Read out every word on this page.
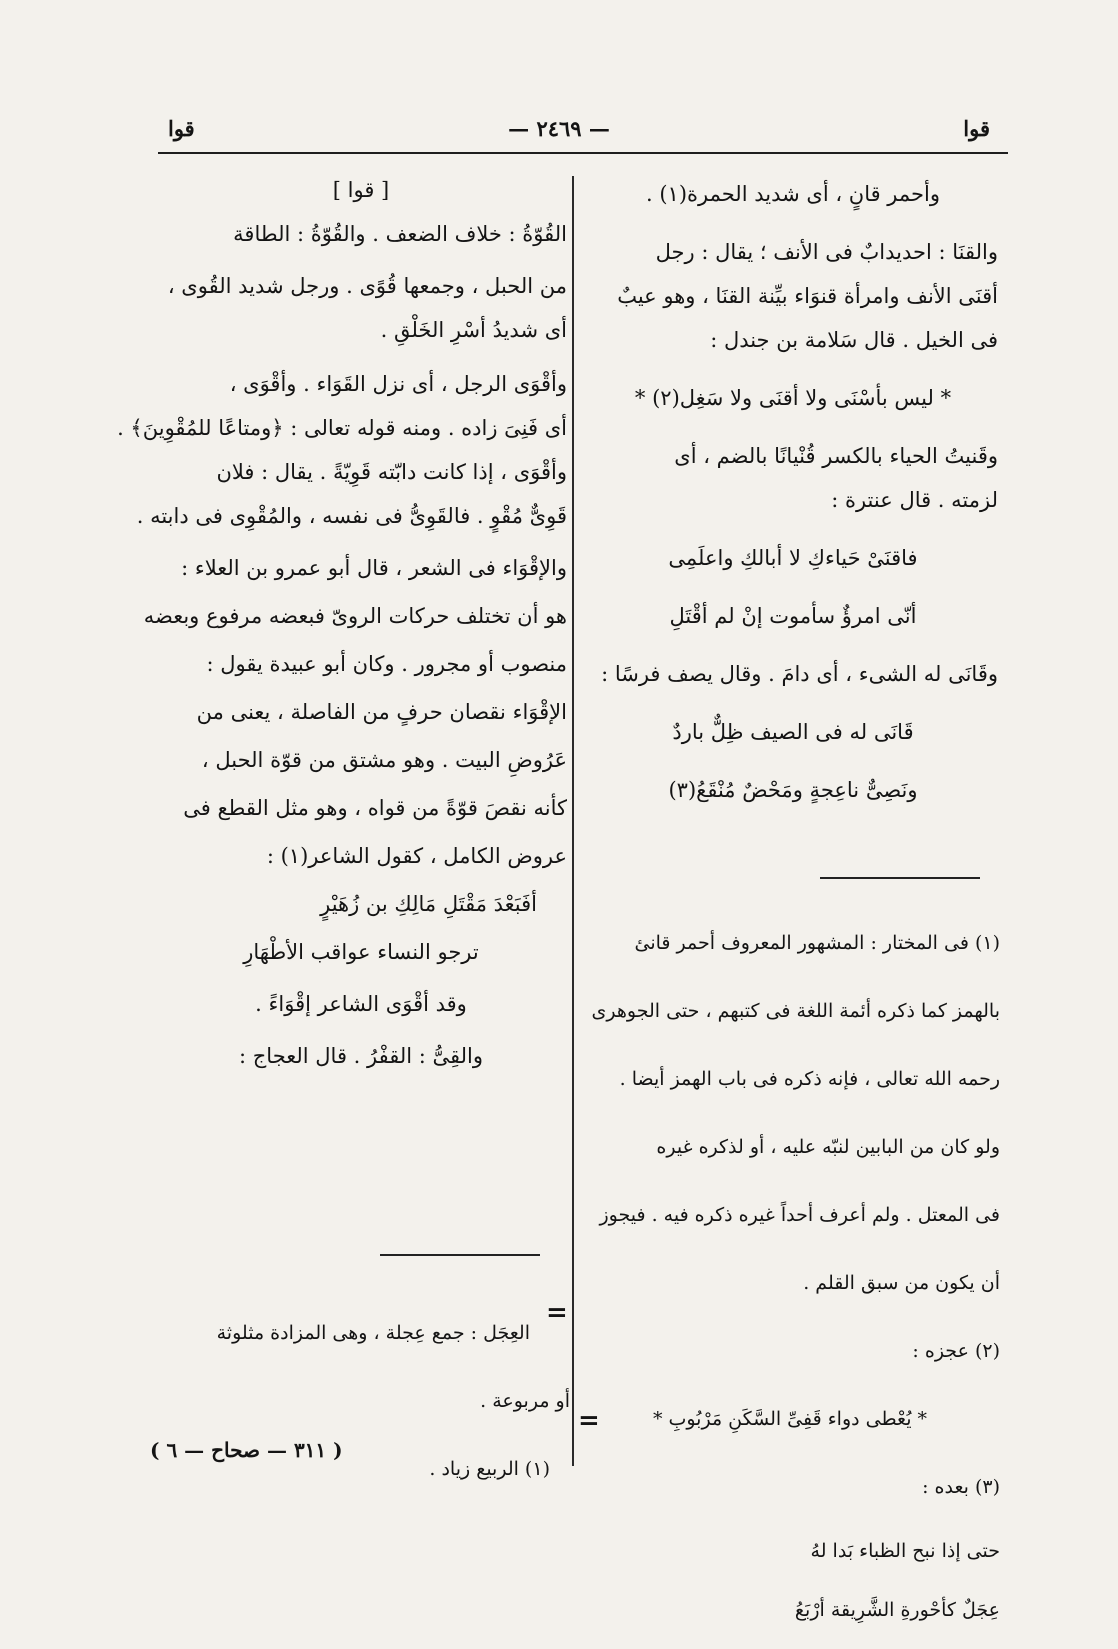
قوا
— ٢٤٦٩ —
قوا

وأحمر قانٍ ، أى شديد الحمرة(١) .

والقنَا : احديدابٌ فى الأنف ؛ يقال : رجل

أقنَى الأنف وامرأة قنوَاء بيِّنة القنَا ، وهو عيبٌ

فى الخيل . قال سَلامة بن جندل :

* ليس بأسْنَى ولا أقنَى ولا سَغِل(٢) *

وقَنيتُ الحياء بالكسر قُنْيانًا بالضم ، أى

لزمته . قال عنترة :

فاقنَىْ حَياءكِ لا أبالكِ واعلَمِى

أنّى امرؤٌ سأموت إنْ لم أقْتَلِ

وقَانَى له الشىء ، أى دامَ . وقال يصف فرسًا :

قَانَى له فى الصيف ظِلٌّ باردٌ

ونَصِىٌّ ناعِجةٍ ومَحْضٌ مُنْقَعُ(٣)

(١) فى المختار : المشهور المعروف أحمر قانئ

بالهمز كما ذكره أئمة اللغة فى كتبهم ، حتى الجوهرى

رحمه الله تعالى ، فإنه ذكره فى باب الهمز أيضا .

ولو كان من البابين لنبّه عليه ، أو لذكره غيره

فى المعتل . ولم أعرف أحداً غيره ذكره فيه . فيجوز

أن يكون من سبق القلم .

(٢) عجزه :

* يُعْطى دواء قَفِىِّ السَّكَنِ مَرْبُوبِ *

(٣) بعده :

حتى إذا نبح الظباء بَدا لهُ

عِجَلٌ كأحْورةِ الشَّرِيقة أرْبَعُ

[ قوا ]

القُوّةُ : خلاف الضعف . والقُوّةُ : الطاقة

من الحبل ، وجمعها قُوًى . ورجل شديد القُوى ،

أى شديدُ أسْرِ الخَلْقِ .

وأقْوَى الرجل ، أى نزل القَوَاء . وأقْوَى ،

أى فَنِىَ زاده . ومنه قوله تعالى : ﴿ومتاعًا للمُقْوِينَ﴾ .

وأقْوَى ، إذا كانت دابّته قَوِيّةً . يقال : فلان

قَوِىٌّ مُقْوٍ . فالقَوِىُّ فى نفسه ، والمُقْوِى فى دابته .

والإقْوَاء فى الشعر ، قال أبو عمرو بن العلاء :

هو أن تختلف حركات الروىّ فبعضه مرفوع وبعضه

منصوب أو مجرور . وكان أبو عبيدة يقول :

الإقْوَاء نقصان حرفٍ من الفاصلة ، يعنى من

عَرُوضِ البيت . وهو مشتق من قوّة الحبل ،

كأنه نقصَ قوّةً من قواه ، وهو مثل القطع فى

عروض الكامل ، كقول الشاعر(١) :

أفَبَعْدَ مَقْتَلِ مَالِكِ بن زُهَيْرٍ

ترجو النساء عواقب الأطْهَارِ

وقد أقْوَى الشاعر إقْوَاءً .

والقِىُّ : القفْرُ . قال العجاج :

العِجَل : جمع عِجلة ، وهى المزادة مثلوثة

أو مربوعة .

(١) الربيع زياد .

=
=
( ٣١١ — صحاح — ٦ )
